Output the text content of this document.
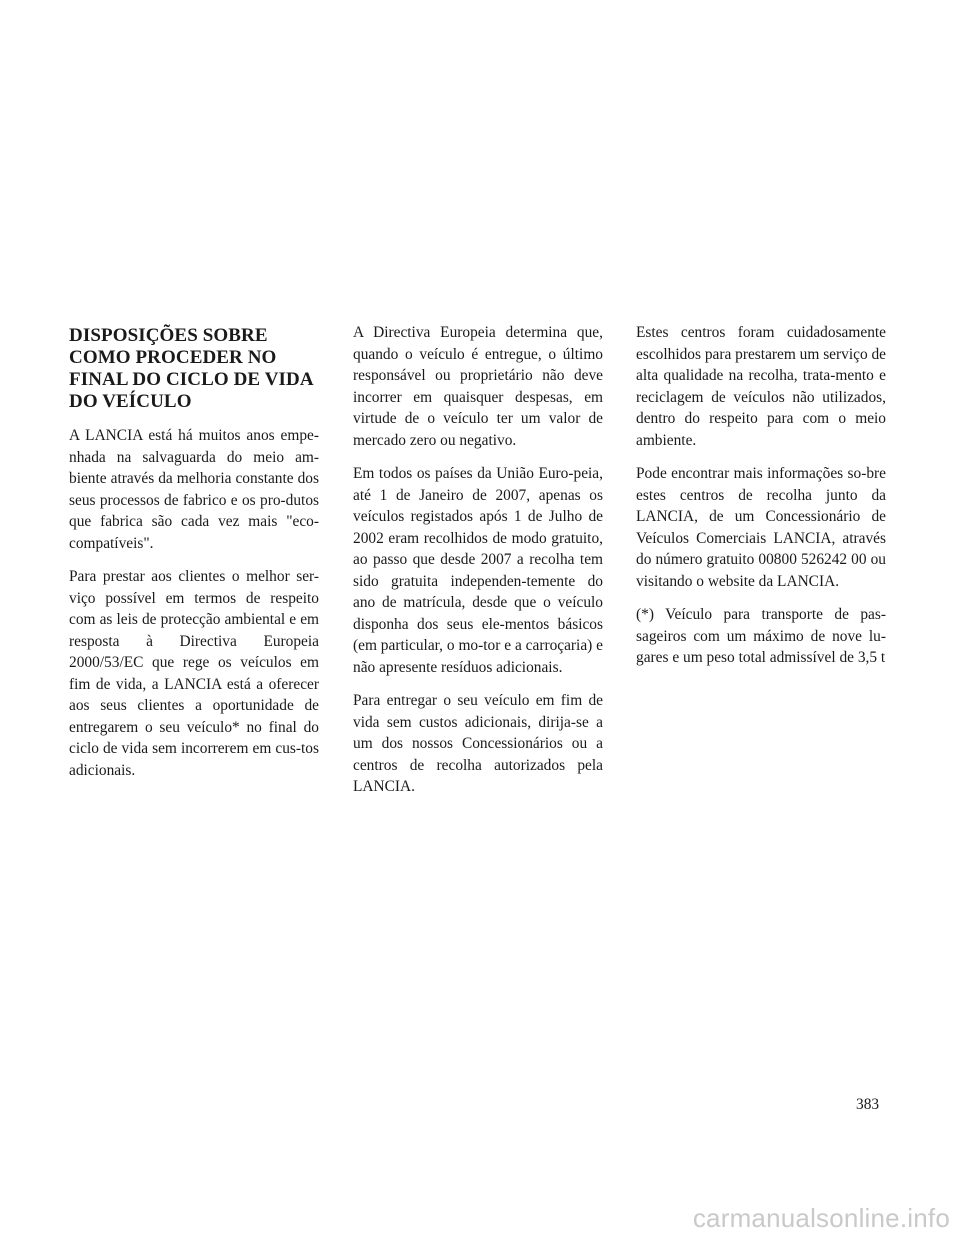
DISPOSIÇÕES SOBRE
COMO PROCEDER NO
FINAL DO CICLO DE VIDA
DO VEÍCULO

A LANCIA está há muitos anos empe-nhada na salvaguarda do meio am-biente através da melhoria constante dos seus processos de fabrico e os pro-dutos que fabrica são cada vez mais "eco-compatíveis".

Para prestar aos clientes o melhor ser-viço possível em termos de respeito com as leis de protecção ambiental e em resposta à Directiva Europeia 2000/53/EC que rege os veículos em fim de vida, a LANCIA está a oferecer aos seus clientes a oportunidade de entregarem o seu veículo* no final do ciclo de vida sem incorrerem em cus-tos adicionais.

A Directiva Europeia determina que, quando o veículo é entregue, o último responsável ou proprietário não deve incorrer em quaisquer despesas, em virtude de o veículo ter um valor de mercado zero ou negativo.

Em todos os países da União Euro-peia, até 1 de Janeiro de 2007, apenas os veículos registados após 1 de Julho de 2002 eram recolhidos de modo gratuito, ao passo que desde 2007 a recolha tem sido gratuita independen-temente do ano de matrícula, desde que o veículo disponha dos seus ele-mentos básicos (em particular, o mo-tor e a carroçaria) e não apresente resíduos adicionais.

Para entregar o seu veículo em fim de vida sem custos adicionais, dirija-se a um dos nossos Concessionários ou a centros de recolha autorizados pela LANCIA.

Estes centros foram cuidadosamente escolhidos para prestarem um serviço de alta qualidade na recolha, trata-mento e reciclagem de veículos não utilizados, dentro do respeito para com o meio ambiente.

Pode encontrar mais informações so-bre estes centros de recolha junto da LANCIA, de um Concessionário de Veículos Comerciais LANCIA, através do número gratuito 00800 526242 00 ou visitando o website da LANCIA.

(*) Veículo para transporte de pas-sageiros com um máximo de nove lu-gares e um peso total admissível de 3,5 t

383
carmanualsonline.info
